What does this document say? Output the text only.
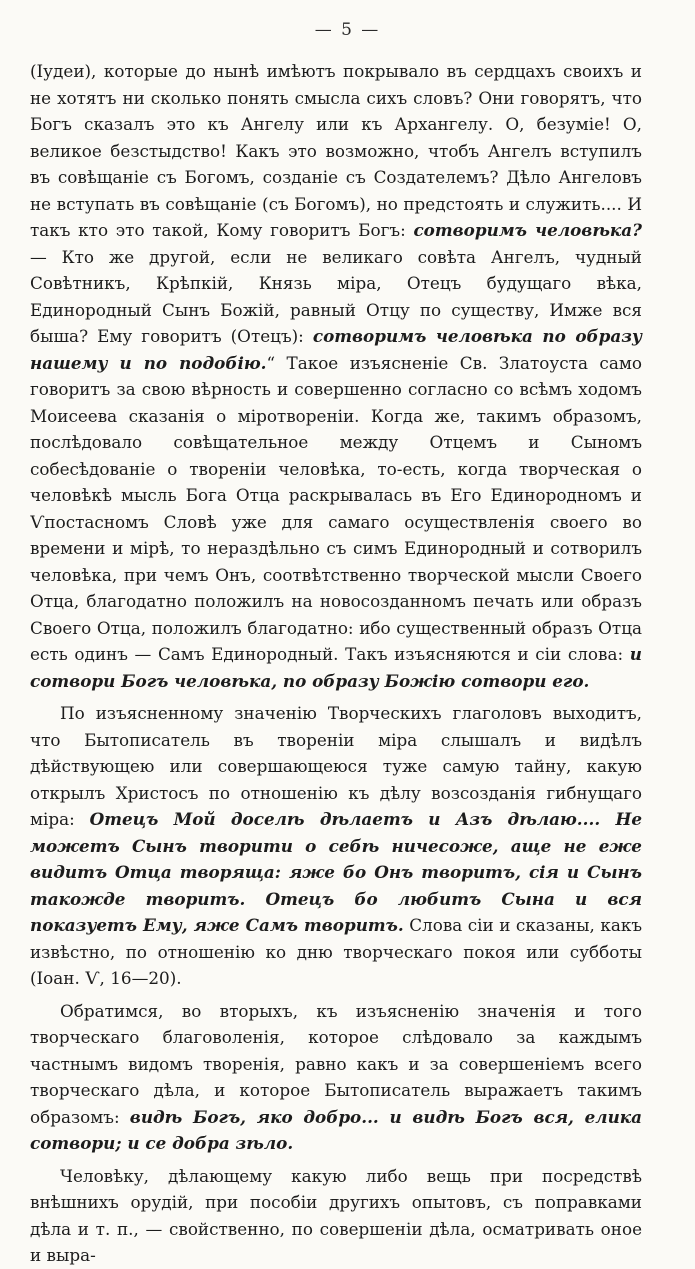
— 5 —

(Іудеи), которые до нынѣ имѣютъ покрывало въ сердцахъ своихъ и не хотятъ ни сколько понять смысла сихъ словъ? Они говорятъ, что Богъ сказалъ это къ Ангелу или къ Архангелу. О, безуміе! О, великое безстыдство! Какъ это возможно, чтобъ Ангелъ вступилъ въ совѣщаніе съ Богомъ, созданіе съ Создателемъ? Дѣло Ангеловъ не вступать въ совѣщаніе (съ Богомъ), но предстоять и служить.... И такъ кто это такой, Кому говоритъ Богъ: сотворимъ человѣка? — Кто же другой, если не великаго совѣта Ангелъ, чудный Совѣтникъ, Крѣпкій, Князь міра, Отецъ будущаго вѣка, Единородный Сынъ Божій, равный Отцу по существу, Имже вся быша? Ему говоритъ (Отецъ): сотворимъ человѣка по образу нашему и по подобію.“ Такое изъясненіе Св. Златоуста само говоритъ за свою вѣрность и совершенно согласно со всѣмъ ходомъ Моисеева сказанія о міротвореніи. Когда же, такимъ образомъ, послѣдовало совѣщательное между Отцемъ и Сыномъ собесѣдованіе о твореніи человѣка, то-есть, когда творческая о человѣкѣ мысль Бога Отца раскрывалась въ Его Единородномъ и Ѵпостасномъ Словѣ уже для самаго осуществленія своего во времени и мірѣ, то нераздѣльно съ симъ Единородный и сотворилъ человѣка, при чемъ Онъ, соотвѣтственно творческой мысли Своего Отца, благодатно положилъ на новосозданномъ печать или образъ Своего Отца, положилъ благодатно: ибо существенный образъ Отца есть одинъ — Самъ Единородный. Такъ изъясняются и сіи слова: и сотвори Богъ человѣка, по образу Божію сотвори его.

По изъясненному значенію Творческихъ глаголовъ выходитъ, что Бытописатель въ твореніи міра слышалъ и видѣлъ дѣйствующею или совершающеюся туже самую тайну, какую открылъ Христосъ по отношенію къ дѣлу возсозданія гибнущаго міра: Отецъ Мой доселѣ дѣлаетъ и Азъ дѣлаю.... Не можетъ Сынъ творити о себѣ ничесоже, аще не еже видитъ Отца творяща: яже бо Онъ творитъ, сія и Сынъ такожде творитъ. Отецъ бо любитъ Сына и вся показуетъ Ему, яже Самъ творитъ. Слова сіи и сказаны, какъ извѣстно, по отношенію ко дню творческаго покоя или субботы (Іоан. Ѵ, 16—20).

Обратимся, во вторыхъ, къ изъясненію значенія и того творческаго благоволенія, которое слѣдовало за каждымъ частнымъ видомъ творенія, равно какъ и за совершеніемъ всего творческаго дѣла, и которое Бытописатель выражаетъ такимъ образомъ: видѣ Богъ, яко добро... и видѣ Богъ вся, елика сотвори; и се добра зѣло.

Человѣку, дѣлающему какую либо вещь при посредствѣ внѣшнихъ орудій, при пособіи другихъ опытовъ, съ поправками дѣла и т. п., — свойственно, по совершеніи дѣла, осматривать оное и выра-
